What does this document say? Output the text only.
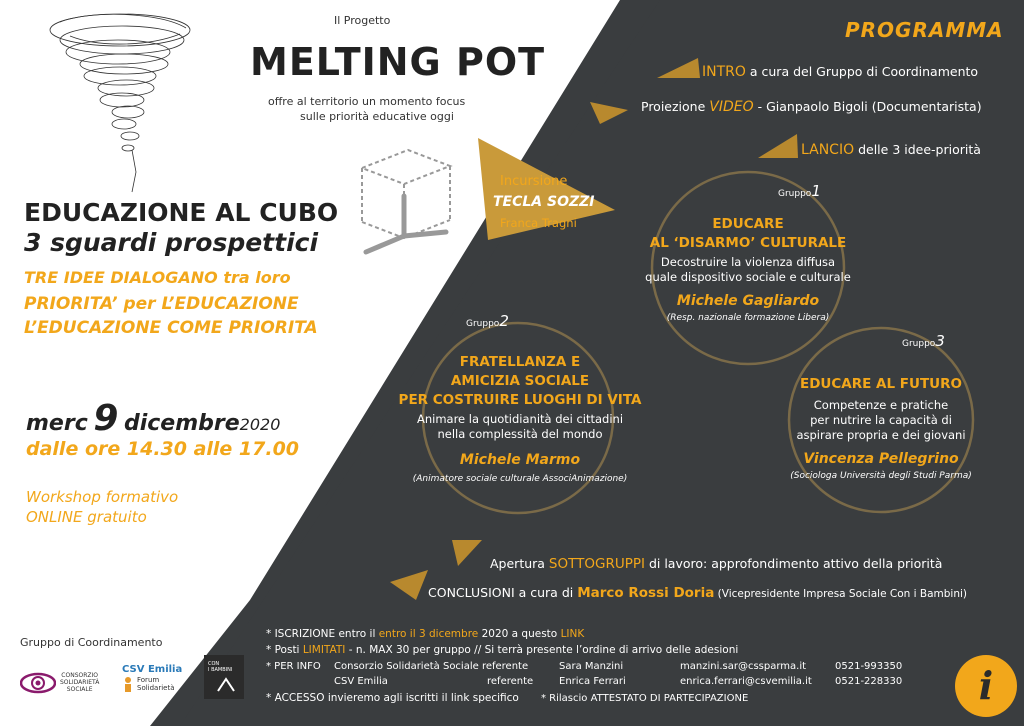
Il Progetto
MELTING POT
offre al territorio un momento focus
sulle priorità educative oggi
EDUCAZIONE AL CUBO
3 sguardi prospettici
TRE IDEE DIALOGANO tra loro
PRIORITA’ per L’EDUCAZIONE
L’EDUCAZIONE COME PRIORITA
merc 9 dicembre2020
dalle ore 14.30 alle 17.00
Workshop formativo
ONLINE gratuito
Gruppo di Coordinamento
CONSORZIO
SOLIDARIETÀ
SOCIALE
CSV Emilia
Forum
Solidarietà
CON
I BAMBINI
PROGRAMMA
INTRO a cura del Gruppo di Coordinamento
Proiezione VIDEO - Gianpaolo Bigoli (Documentarista)
LANCIO delle 3 idee-priorità
Incursione
TECLA SOZZI
Franca Tragni
Gruppo1
Gruppo2
Gruppo3
EDUCARE
AL ‘DISARMO’ CULTURALE
Decostruire la violenza diffusa
quale dispositivo sociale e culturale
Michele Gagliardo
(Resp. nazionale formazione Libera)
FRATELLANZA E
AMICIZIA SOCIALE
PER COSTRUIRE LUOGHI DI VITA
Animare la quotidianità dei cittadini
nella complessità del mondo
Michele Marmo
(Animatore sociale culturale AssociAnimazione)
EDUCARE AL FUTURO
Competenze e pratiche
per nutrire la capacità di
aspirare propria e dei giovani
Vincenza Pellegrino
(Sociologa Università degli Studi Parma)
Apertura SOTTOGRUPPI di lavoro: approfondimento attivo della priorità
CONCLUSIONI a cura di Marco Rossi Doria (Vicepresidente Impresa Sociale Con i Bambini)
* ISCRIZIONE entro il entro il 3 dicembre 2020 a questo LINK
* Posti LIMITATI - n. MAX 30 per gruppo // Si terrà presente l’ordine di arrivo delle adesioni
* PER INFO Consorzio Solidarietà Sociale referente	Sara Manzini	manzini.sar@cssparma.it	0521-993350
CSV Emilia	referente	Enrica Ferrari	enrica.ferrari@csvemilia.it 0521-228330
* ACCESSO invieremo agli iscritti il link specifico * Rilascio ATTESTATO DI PARTECIPAZIONE	i
